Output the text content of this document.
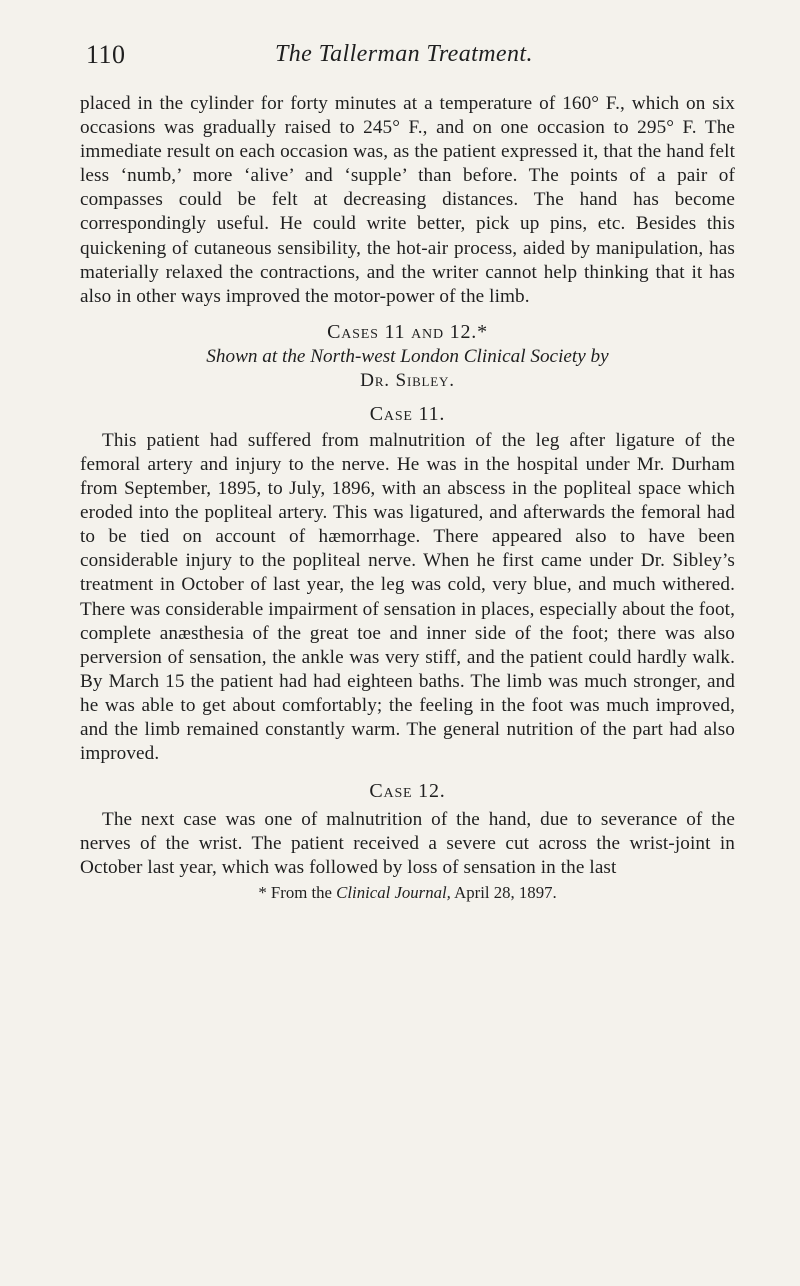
110	The Tallerman Treatment.

placed in the cylinder for forty minutes at a temperature of 160° F., which on six occasions was gradually raised to 245° F., and on one occasion to 295° F. The immediate result on each occasion was, as the patient expressed it, that the hand felt less ‘numb,’ more ‘alive’ and ‘supple’ than before. The points of a pair of compasses could be felt at decreasing distances. The hand has become correspondingly useful. He could write better, pick up pins, etc. Besides this quickening of cutaneous sensibility, the hot-air process, aided by manipulation, has materially relaxed the contractions, and the writer cannot help thinking that it has also in other ways improved the motor-power of the limb.

Cases 11 and 12.*
Shown at the North-west London Clinical Society by
Dr. Sibley.
Case 11.

This patient had suffered from malnutrition of the leg after ligature of the femoral artery and injury to the nerve. He was in the hospital under Mr. Durham from September, 1895, to July, 1896, with an abscess in the popliteal space which eroded into the popliteal artery. This was ligatured, and afterwards the femoral had to be tied on account of hæmorrhage. There appeared also to have been considerable injury to the popliteal nerve. When he first came under Dr. Sibley’s treatment in October of last year, the leg was cold, very blue, and much withered. There was considerable impairment of sensation in places, especially about the foot, complete anæsthesia of the great toe and inner side of the foot; there was also perversion of sensation, the ankle was very stiff, and the patient could hardly walk. By March 15 the patient had had eighteen baths. The limb was much stronger, and he was able to get about comfortably; the feeling in the foot was much improved, and the limb remained constantly warm. The general nutrition of the part had also improved.

Case 12.

The next case was one of malnutrition of the hand, due to severance of the nerves of the wrist. The patient received a severe cut across the wrist-joint in October last year, which was followed by loss of sensation in the last

* From the Clinical Journal, April 28, 1897.
